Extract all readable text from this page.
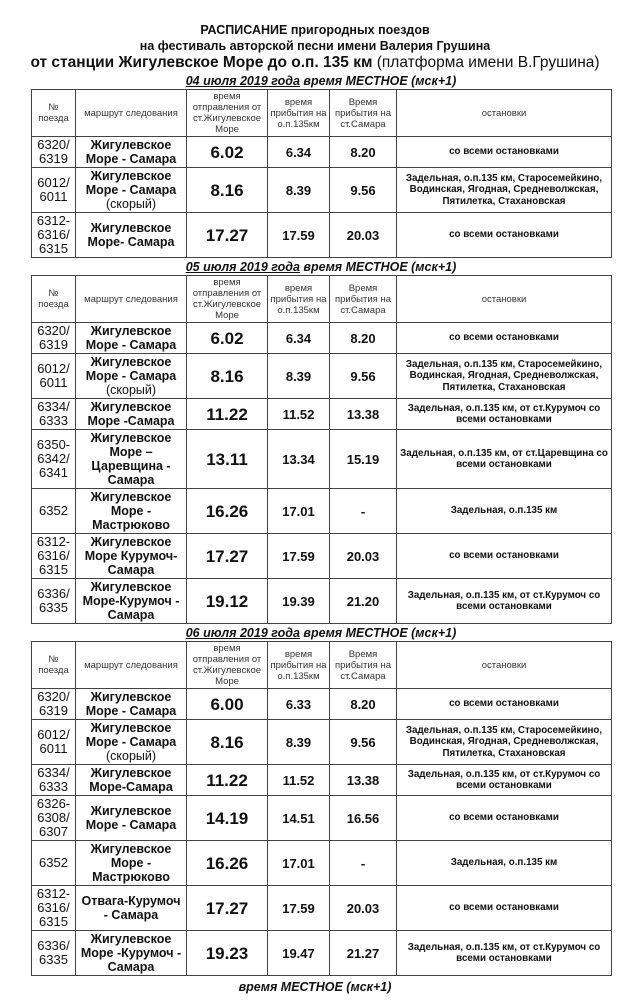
РАСПИСАНИЕ пригородных поездов
на фестиваль авторской песни имени Валерия Грушина
от станции Жигулевское Море до о.п. 135 км (платформа имени В.Грушина)
04 июля 2019 года время МЕСТНОЕ (мск+1)
№ поезда	маршрут следования	время отправления от ст.Жигулевское Море	время прибытия на о.п.135км	Время прибытия на ст.Самара	остановки
6320/ 6319	Жигулевское Море - Самара	6.02	6.34	8.20	со всеми остановками
6012/ 6011	Жигулевское Море - Самара (скорый)	8.16	8.39	9.56	Задельная, о.п.135 км, Старосемейкино, Водинская, Ягодная, Средневолжская, Пятилетка, Стахановская
6312- 6316/ 6315	Жигулевское Море- Самара	17.27	17.59	20.03	со всеми остановками
05 июля 2019 года время МЕСТНОЕ (мск+1)
№ поезда	маршрут следования	время отправления от ст.Жигулевское Море	время прибытия на о.п.135км	Время прибытия на ст.Самара	остановки
6320/ 6319	Жигулевское Море - Самара	6.02	6.34	8.20	со всеми остановками
6012/ 6011	Жигулевское Море - Самара (скорый)	8.16	8.39	9.56	Задельная, о.п.135 км, Старосемейкино, Водинская, Ягодная, Средневолжская, Пятилетка, Стахановская
6334/ 6333	Жигулевское Море -Самара	11.22	11.52	13.38	Задельная, о.п.135 км, от ст.Курумоч со всеми остановками
6350- 6342/ 6341	Жигулевское Море – Царевщина - Самара	13.11	13.34	15.19	Задельная, о.п.135 км, от ст.Царевщина со всеми остановками
6352	Жигулевское Море - Мастрюково	16.26	17.01	-	Задельная, о.п.135 км
6312- 6316/ 6315	Жигулевское Море Курумоч-Самара	17.27	17.59	20.03	со всеми остановками
6336/ 6335	Жигулевское Море-Курумоч - Самара	19.12	19.39	21.20	Задельная, о.п.135 км, от ст.Курумоч со всеми остановками
06 июля 2019 года время МЕСТНОЕ (мск+1)
№ поезда	маршрут следования	время отправления от ст.Жигулевское Море	время прибытия на о.п.135км	Время прибытия на ст.Самара	остановки
6320/ 6319	Жигулевское Море - Самара	6.00	6.33	8.20	со всеми остановками
6012/ 6011	Жигулевское Море - Самара (скорый)	8.16	8.39	9.56	Задельная, о.п.135 км, Старосемейкино, Водинская, Ягодная, Средневолжская, Пятилетка, Стахановская
6334/ 6333	Жигулевское Море-Самара	11.22	11.52	13.38	Задельная, о.п.135 км, от ст.Курумоч со всеми остановками
6326- 6308/ 6307	Жигулевское Море - Самара	14.19	14.51	16.56	со всеми остановками
6352	Жигулевское Море - Мастрюково	16.26	17.01	-	Задельная, о.п.135 км
6312- 6316/ 6315	Отвага-Курумоч - Самара	17.27	17.59	20.03	со всеми остановками
6336/ 6335	Жигулевское Море -Курумоч - Самара	19.23	19.47	21.27	Задельная, о.п.135 км, от ст.Курумоч со всеми остановками
время МЕСТНОЕ (мск+1)
